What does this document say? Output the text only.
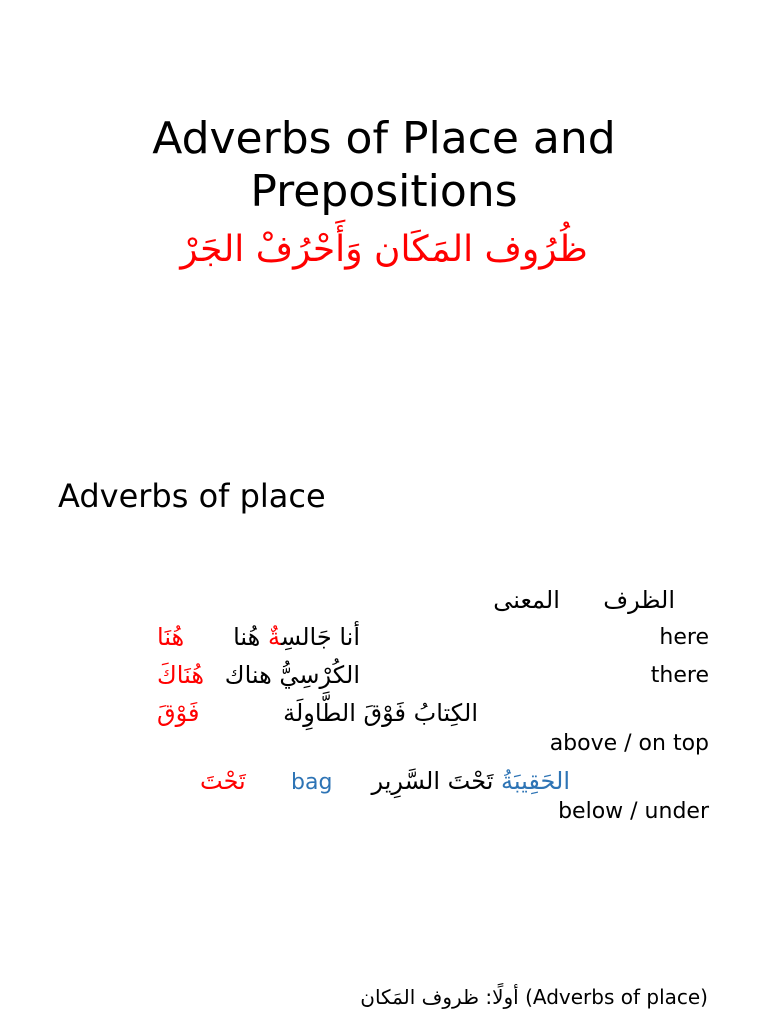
Adverbs of Place and Prepositions
ظُرُوف المَكَان وَأَحْرُفْ الجَرْ
Adverbs of place
المعنى الظرف
أنا جَالسِةٌ هُنا
هُنَا	here
الكُرْسِيُّ هناك
هُنَاكَ	there
الكِتابُ فَوْقَ الطَّاوِلَة
فَوْقَ
above / on top
الحَقِيبَةُ تَحْتَ السَّرِير
bag
تَحْتَ
below / under
أولًا: ظروف المَكان (Adverbs of place)
